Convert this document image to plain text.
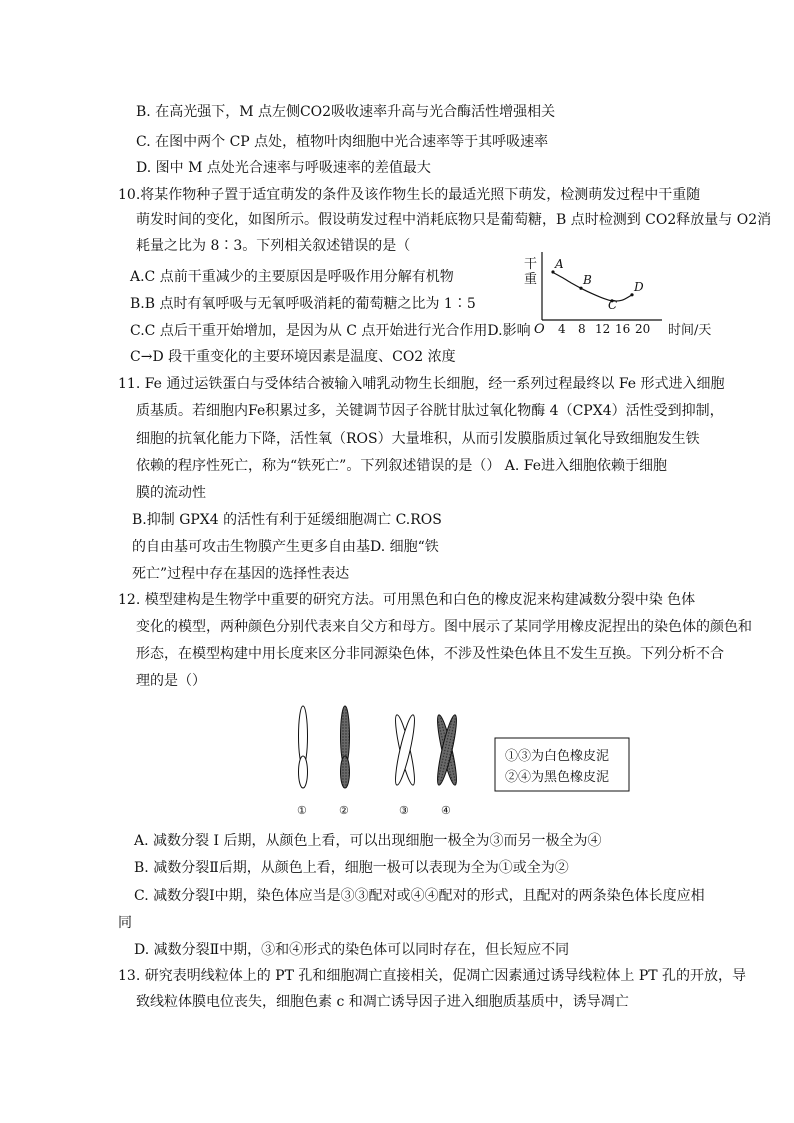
B. 在高光强下，M 点左侧CO2吸收速率升高与光合酶活性增强相关
C. 在图中两个 CP 点处，植物叶肉细胞中光合速率等于其呼吸速率
D. 图中 M 点处光合速率与呼吸速率的差值最大
10.将某作物种子置于适宜萌发的条件及该作物生长的最适光照下萌发，检测萌发过程中干重随
萌发时间的变化，如图所示。假设萌发过程中消耗底物只是葡萄糖，B 点时检测到 CO2释放量与 O2消
耗量之比为 8∶3。下列相关叙述错误的是（
A.C 点前干重减少的主要原因是呼吸作用分解有机物
B.B 点时有氧呼吸与无氧呼吸消耗的葡萄糖之比为 1∶5
C.C 点后干重开始增加，是因为从 C 点开始进行光合作用D.影响
C→D 段干重变化的主要环境因素是温度、CO2 浓度
干
重
O	时间/天
4 8 12 16 20
A
B
C
D
11. Fe 通过运铁蛋白与受体结合被输入哺乳动物生长细胞，经一系列过程最终以 Fe 形式进入细胞
质基质。若细胞内Fe积累过多，关键调节因子谷胱甘肽过氧化物酶 4（CPX4）活性受到抑制，
细胞的抗氧化能力下降，活性氧（ROS）大量堆积，从而引发膜脂质过氧化导致细胞发生铁
依赖的程序性死亡，称为“铁死亡”。下列叙述错误的是（） A. Fe进入细胞依赖于细胞
膜的流动性
B.抑制 GPX4 的活性有利于延缓细胞凋亡 C.ROS
的自由基可攻击生物膜产生更多自由基D. 细胞“铁
死亡”过程中存在基因的选择性表达
12. 模型建构是生物学中重要的研究方法。可用黑色和白色的橡皮泥来构建减数分裂中染 色体
变化的模型，两种颜色分别代表来自父方和母方。图中展示了某同学用橡皮泥捏出的染色体的颜色和
形态，在模型构建中用长度来区分非同源染色体，不涉及性染色体且不发生互换。下列分析不合
理的是（）
①	②	③	④
①③为白色橡皮泥
②④为黑色橡皮泥
A. 减数分裂 I 后期，从颜色上看，可以出现细胞一极全为③而另一极全为④
B. 减数分裂Ⅱ后期，从颜色上看，细胞一极可以表现为全为①或全为②
C. 减数分裂I中期，染色体应当是③③配对或④④配对的形式，且配对的两条染色体长度应相
同
D. 减数分裂Ⅱ中期，③和④形式的染色体可以同时存在，但长短应不同
13. 研究表明线粒体上的 PT 孔和细胞凋亡直接相关，促凋亡因素通过诱导线粒体上 PT 孔的开放，导
致线粒体膜电位丧失，细胞色素 c 和凋亡诱导因子进入细胞质基质中，诱导凋亡
